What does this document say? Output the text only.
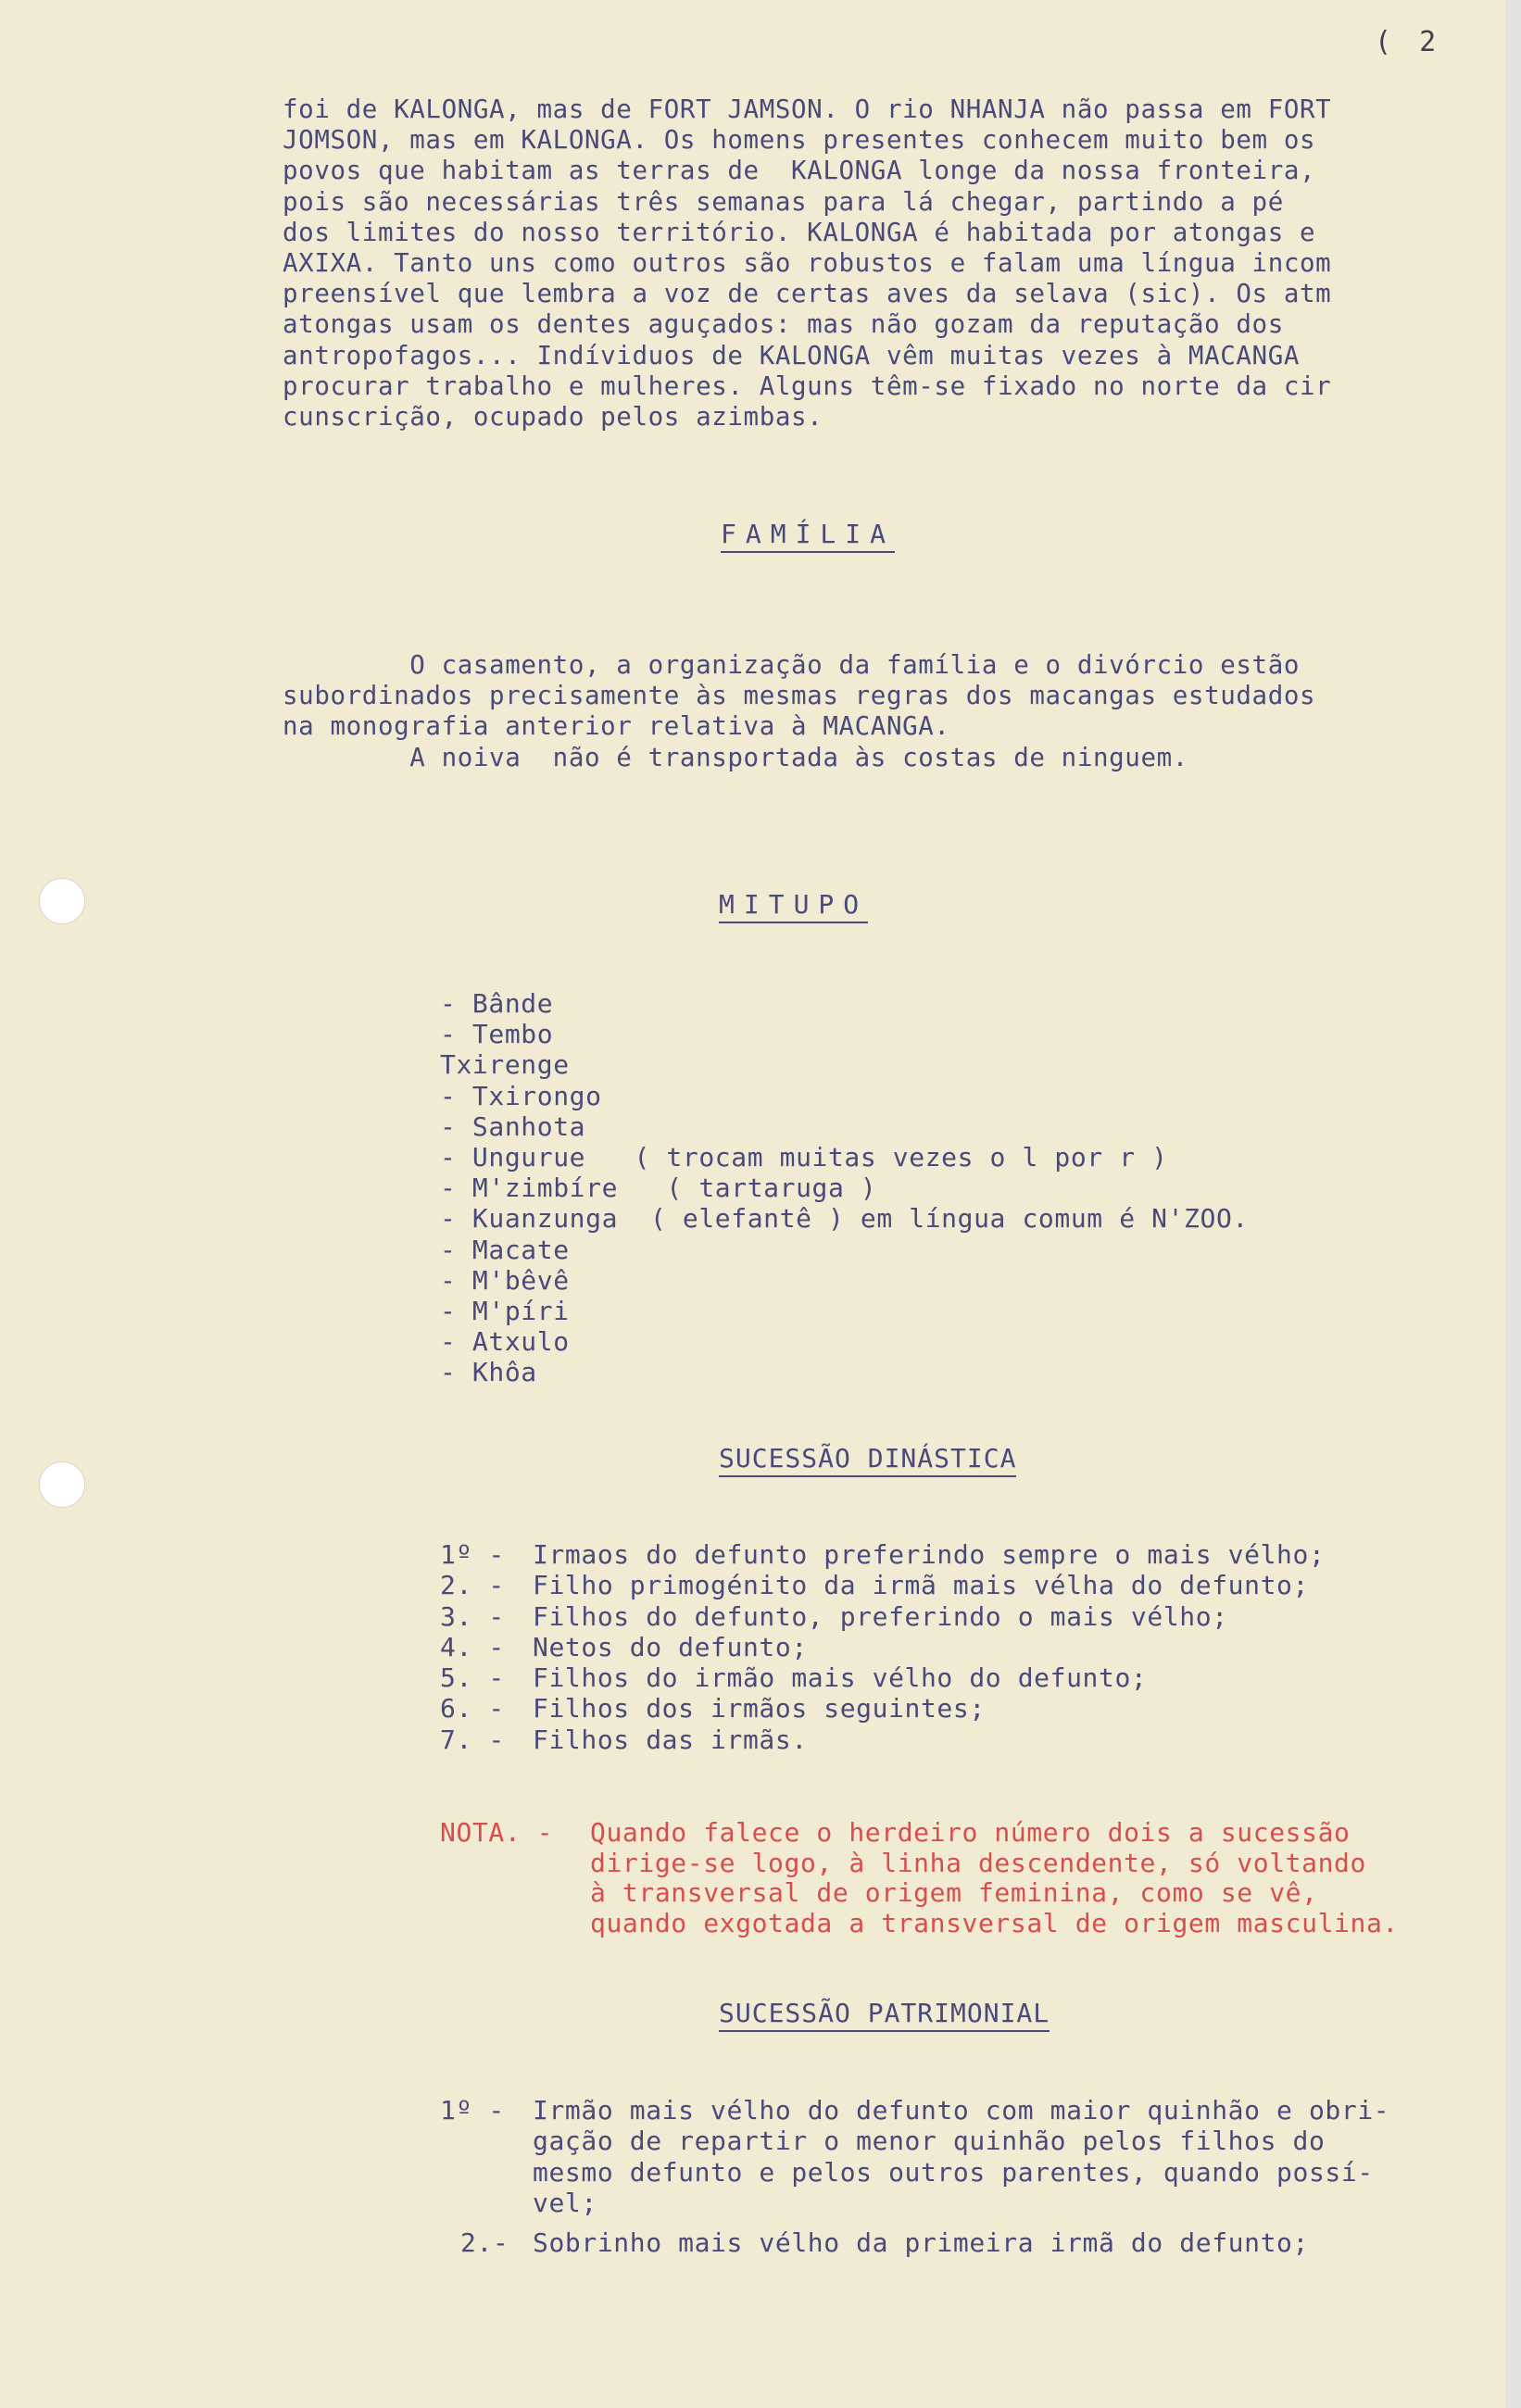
( 2
foi de KALONGA, mas de FORT JAMSON. O rio NHANJA não passa em FORT
JOMSON, mas em KALONGA. Os homens presentes conhecem muito bem os
povos que habitam as terras de  KALONGA longe da nossa fronteira,
pois são necessárias três semanas para lá chegar, partindo a pé
dos limites do nosso território. KALONGA é habitada por atongas e
AXIXA. Tanto uns como outros são robustos e falam uma língua incom
preensível que lembra a voz de certas aves da selava (sic). Os atm
atongas usam os dentes aguçados: mas não gozam da reputação dos
antropofagos... Indíviduos de KALONGA vêm muitas vezes à MACANGA
procurar trabalho e mulheres. Alguns têm-se fixado no norte da cir
cunscrição, ocupado pelos azimbas.
FAMÍLIA
O casamento, a organização da família e o divórcio estão
subordinados precisamente às mesmas regras dos macangas estudados
na monografia anterior relativa à MACANGA.
A noiva  não é transportada às costas de ninguem.
MITUPO
- Bânde
- Tembo
Txirenge
- Txirongo
- Sanhota
- Ungurue   ( trocam muitas vezes o l por r )
- M'zimbíre   ( tartaruga )
- Kuanzunga  ( elefantê ) em língua comum é N'ZOO.
- Macate
- M'bêvê
- M'píri
- Atxulo
- Khôa
SUCESSÃO DINÁSTICA
1º - Irmaos do defunto preferindo sempre o mais vélho;
2. - Filho primogénito da irmã mais vélha do defunto;
3. - Filhos do defunto, preferindo o mais vélho;
4. - Netos do defunto;
5. - Filhos do irmão mais vélho do defunto;
6. - Filhos dos irmãos seguintes;
7. - Filhos das irmãs.

NOTA. -

Quando falece o herdeiro número dois a sucessão
dirige-se logo, à linha descendente, só voltando
à transversal de origem feminina, como se vê,
quando exgotada a transversal de origem masculina.

SUCESSÃO PATRIMONIAL
1º - Irmão mais vélho do defunto com maior quinhão e obri-
gação de repartir o menor quinhão pelos filhos do
mesmo defunto e pelos outros parentes, quando possí-
vel;
2.- Sobrinho mais vélho da primeira irmã do defunto;
